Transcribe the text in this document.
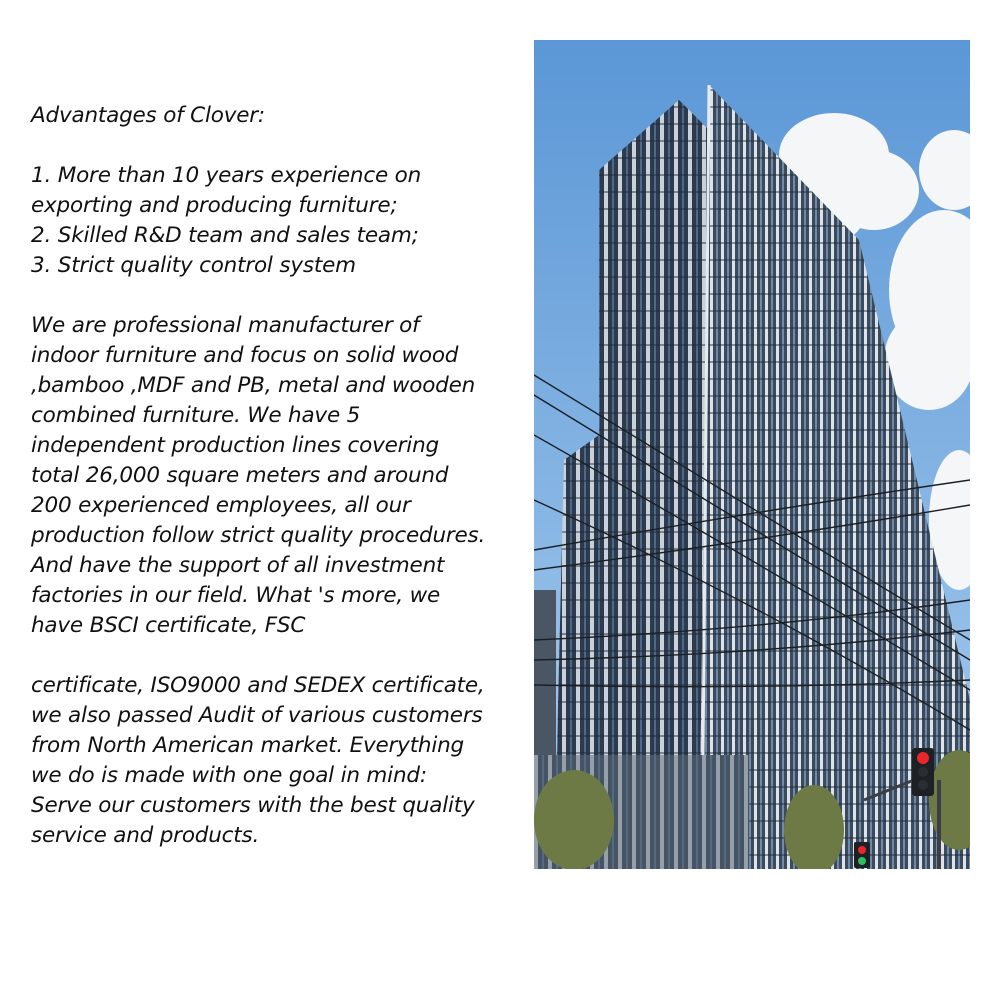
Advantages of Clover:
1. More than 10 years experience on
exporting and producing furniture;
2. Skilled R&D team and sales team;
3. Strict quality control system
We are professional manufacturer of
indoor furniture and focus on solid wood
,bamboo ,MDF and PB, metal and wooden
combined furniture. We have 5
independent production lines covering
total 26,000 square meters and around
200 experienced employees, all our
production follow strict quality procedures.
And have the support of all investment
factories in our field. What 's more, we
have BSCI certificate, FSC
certificate, ISO9000 and SEDEX certificate,
we also passed Audit of various customers
from North American market. Everything
we do is made with one goal in mind:
Serve our customers with the best quality
service and products.
